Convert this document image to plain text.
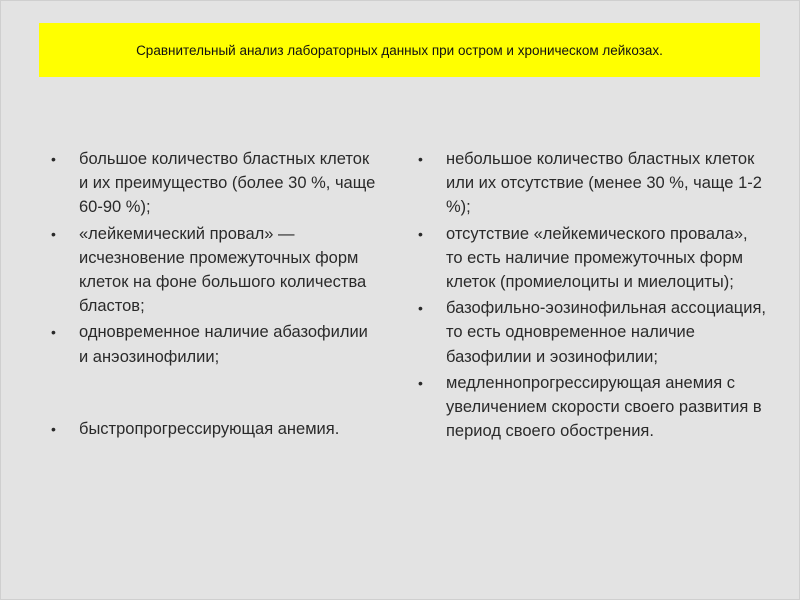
Сравнительный анализ лабораторных данных при остром и хроническом лейкозах.
• большое количество бластных клеток и их преимущество (более 30 %, чаще 60-90 %);
• «лейкемический провал» — исчезновение промежуточных форм клеток на фоне большого количества бластов;
• одновременное наличие абазофилии и анэозинофилии;
• быстропрогрессирующая анемия.
• небольшое количество бластных клеток или их отсутствие (менее 30 %, чаще 1-2 %);
• отсутствие «лейкемического провала», то есть наличие промежуточных форм клеток (промиелоциты и миелоциты);
• базофильно-эозинофильная ассоциация, то есть одновременное наличие базофилии и эозинофилии;
• медленнопрогрессирующая анемия с увеличением скорости своего развития в период своего обострения.
